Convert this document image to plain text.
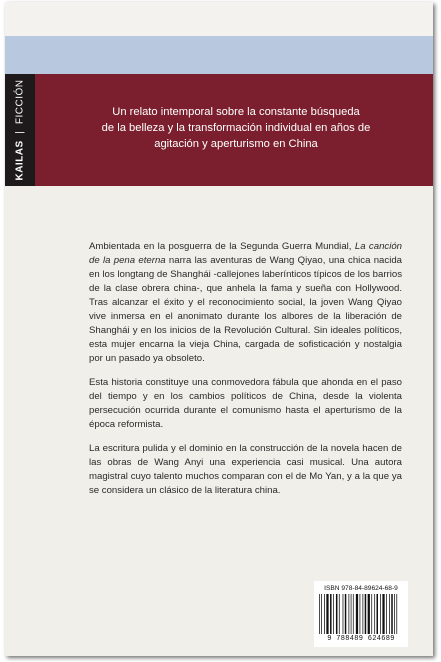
KAILAS  |  FICCIÓN	Un relato intemporal sobre la constante búsqueda
de la belleza y la transformación individual en años de
agitación y aperturismo en China

Ambientada en la posguerra de la Segunda Guerra Mundial, La canción de la pena eterna narra las aventuras de Wang Qiyao, una chica nacida en los longtang de Shanghái -callejones laberínticos típicos de los barrios de la clase obrera china-, que anhela la fama y sueña con Hollywood. Tras alcanzar el éxito y el reconocimiento social, la joven Wang Qiyao vive inmersa en el anonimato durante los albores de la liberación de Shanghái y en los inicios de la Revolución Cultural. Sin ideales políticos, esta mujer encarna la vieja China, cargada de sofisticación y nostalgia por un pasado ya obsoleto.

Esta historia constituye una conmovedora fábula que ahonda en el paso del tiempo y en los cambios políticos de China, desde la violenta persecución ocurrida durante el comunismo hasta el aperturismo de la época reformista.

La escritura pulida y el dominio en la construcción de la novela hacen de las obras de Wang Anyi una experiencia casi musical. Una autora magistral cuyo talento muchos comparan con el de Mo Yan, y a la que ya se considera un clásico de la literatura china.

ISBN 978-84-89624-68-9
9 788489 624689
